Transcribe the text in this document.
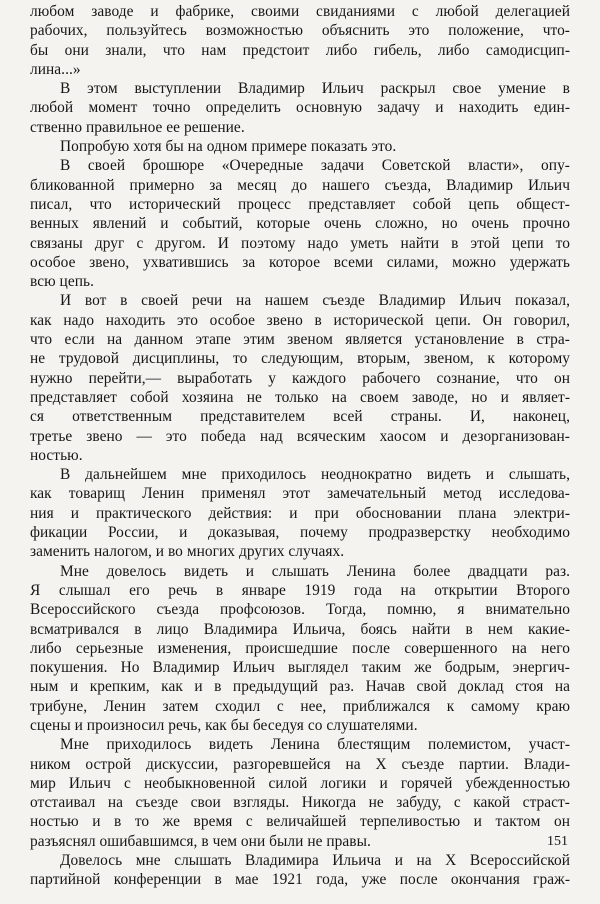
любом заводе и фабрике, своими свиданиями с любой делегацией
рабочих, пользуйтесь возможностью объяснить это положение, что-
бы они знали, что нам предстоит либо гибель, либо самодисцип-
лина...»
В этом выступлении Владимир Ильич раскрыл свое умение в
любой момент точно определить основную задачу и находить един-
ственно правильное ее решение.
Попробую хотя бы на одном примере показать это.
В своей брошюре «Очередные задачи Советской власти», опу-
бликованной примерно за месяц до нашего съезда, Владимир Ильич
писал, что исторический процесс представляет собой цепь общест-
венных явлений и событий, которые очень сложно, но очень прочно
связаны друг с другом. И поэтому надо уметь найти в этой цепи то
особое звено, ухватившись за которое всеми силами, можно удержать
всю цепь.
И вот в своей речи на нашем съезде Владимир Ильич показал,
как надо находить это особое звено в исторической цепи. Он говорил,
что если на данном этапе этим звеном является установление в стра-
не трудовой дисциплины, то следующим, вторым, звеном, к которому
нужно перейти,— выработать у каждого рабочего сознание, что он
представляет собой хозяина не только на своем заводе, но и являет-
ся ответственным представителем всей страны. И, наконец,
третье звено — это победа над всяческим хаосом и дезорганизован-
ностью.
В дальнейшем мне приходилось неоднократно видеть и слышать,
как товарищ Ленин применял этот замечательный метод исследова-
ния и практического действия: и при обосновании плана электри-
фикации России, и доказывая, почему продразверстку необходимо
заменить налогом, и во многих других случаях.
Мне довелось видеть и слышать Ленина более двадцати раз.
Я слышал его речь в январе 1919 года на открытии Второго
Всероссийского съезда профсоюзов. Тогда, помню, я внимательно
всматривался в лицо Владимира Ильича, боясь найти в нем какие-
либо серьезные изменения, происшедшие после совершенного на него
покушения. Но Владимир Ильич выглядел таким же бодрым, энергич-
ным и крепким, как и в предыдущий раз. Начав свой доклад стоя на
трибуне, Ленин затем сходил с нее, приближался к самому краю
сцены и произносил речь, как бы беседуя со слушателями.
Мне приходилось видеть Ленина блестящим полемистом, участ-
ником острой дискуссии, разгоревшейся на X съезде партии. Влади-
мир Ильич с необыкновенной силой логики и горячей убежденностью
отстаивал на съезде свои взгляды. Никогда не забуду, с какой страст-
ностью и в то же время с величайшей терпеливостью и тактом он
разъяснял ошибавшимся, в чем они были не правы.
Довелось мне слышать Владимира Ильича и на X Всероссийской
партийной конференции в мае 1921 года, уже после окончания граж-
151
